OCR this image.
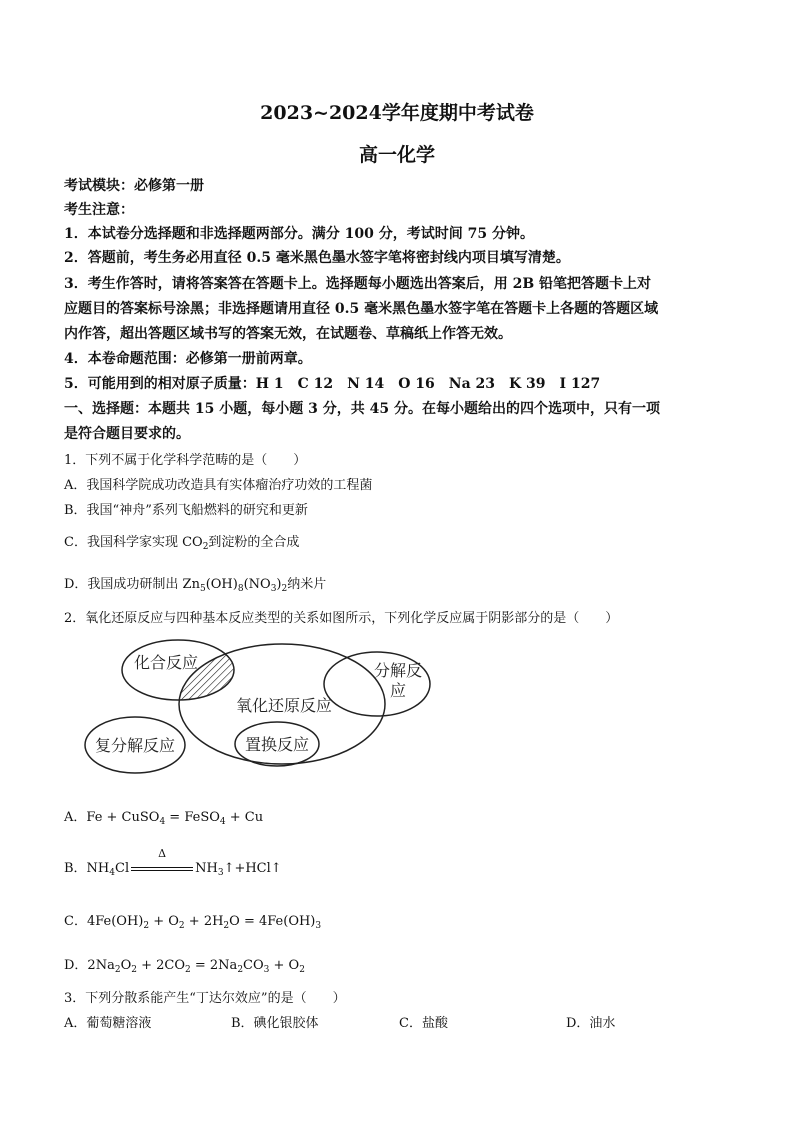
2023~2024学年度期中考试卷
高一化学
考试模块：必修第一册
考生注意：
1．本试卷分选择题和非选择题两部分。满分 100 分，考试时间 75 分钟。
2．答题前，考生务必用直径 0.5 毫米黑色墨水签字笔将密封线内项目填写清楚。
3．考生作答时，请将答案答在答题卡上。选择题每小题选出答案后，用 2B 铅笔把答题卡上对
应题目的答案标号涂黑；非选择题请用直径 0.5 毫米黑色墨水签字笔在答题卡上各题的答题区域
内作答，超出答题区域书写的答案无效，在试题卷、草稿纸上作答无效。
4．本卷命题范围：必修第一册前两章。
5．可能用到的相对原子质量：H 1　C 12　N 14　O 16　Na 23　K 39　I 127
一、选择题：本题共 15 小题，每小题 3 分，共 45 分。在每小题给出的四个选项中，只有一项
是符合题目要求的。
1．下列不属于化学科学范畴的是（　　）
A．我国科学院成功改造具有实体瘤治疗功效的工程菌
B．我国“神舟”系列飞船燃料的研究和更新
C．我国科学家实现 $CO_2$到淀粉的全合成
D．我国成功研制出 $Zn_5(OH)_8(NO_3)_2$纳米片
2．氧化还原反应与四种基本反应类型的关系如图所示，下列化学反应属于阴影部分的是（　　）
化合反应	分解反
应
氧化还原反应
复分解反应	置换反应
A．Fe + CuSO$_4$ = FeSO$_4$ + Cu
B．$NH_4Cl$
Δ
$NH_3↑+HCl↑$
C．$4Fe(OH)_2 + O_2 + 2H_2O = 4Fe(OH)_3$
D．$2Na_2O_2 + 2CO_2 = 2Na_2CO_3 + O_2$
3．下列分散系能产生“丁达尔效应”的是（　　）
A．葡萄糖溶液	B．碘化银胶体	C．盐酸	D．油水
